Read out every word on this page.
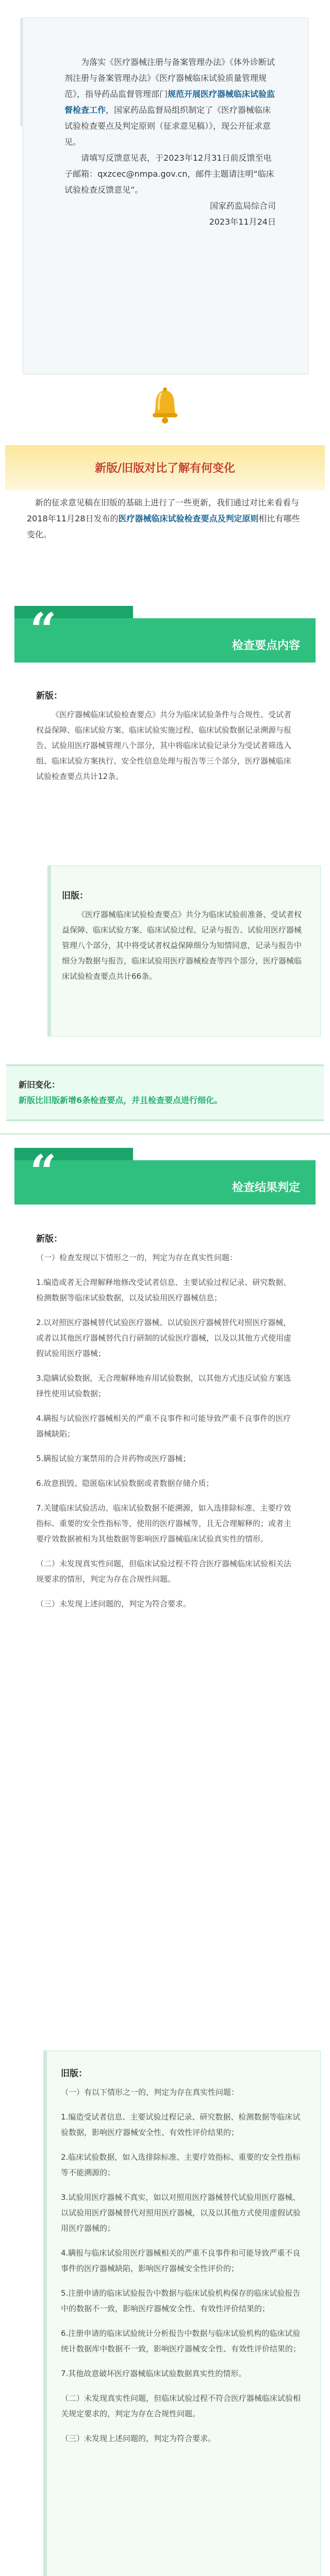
为落实《医疗器械注册与备案管理办法》《体外诊断试剂注册与备案管理办法》《医疗器械临床试验质量管理规范》，指导药品监督管理部门规范开展医疗器械临床试验监督检查工作，国家药品监督局组织制定了《医疗器械临床试验检查要点及判定原则（征求意见稿）》，现公开征求意见。

请填写反馈意见表，于2023年12月31日前反馈至电子邮箱：qxzcec@nmpa.gov.cn，邮件主题请注明“临床试验检查反馈意见”。

国家药监局综合司

2023年11月24日

新版/旧版对比了解有何变化

新的征求意见稿在旧版的基础上进行了一些更新，我们通过对比来看看与2018年11月28日发布的医疗器械临床试验检查要点及判定原则相比有哪些变化。

“	检查要点内容

新版：

《医疗器械临床试验检查要点》共分为临床试验条件与合规性、受试者权益保障、临床试验方案、临床试验实施过程、临床试验数据记录溯源与报告、试验用医疗器械管理八个部分，其中将临床试验记录分为受试者筛选入组、临床试验方案执行、安全性信息处理与报告等三个部分，医疗器械临床试验检查要点共计12条。

旧版：

《医疗器械临床试验检查要点》共分为临床试验前准备、受试者权益保障、临床试验方案、临床试验过程、记录与报告、试验用医疗器械管理八个部分，其中将受试者权益保障细分为知情同意，记录与报告中细分为数据与报告，临床试验用医疗器械检查等四个部分，医疗器械临床试验检查要点共计66条。

新旧变化：
新版比旧版新增6条检查要点，并且检查要点进行细化。
“	检查结果判定

新版：

（一）检查发现以下情形之一的，判定为存在真实性问题：

1.编造或者无合理解释地修改受试者信息、主要试验过程记录、研究数据、检测数据等临床试验数据，以及试验用医疗器械信息；

2.以对照医疗器械替代试验医疗器械、以试验医疗器械替代对照医疗器械，或者以其他医疗器械替代自行研制的试验医疗器械，以及以其他方式使用虚假试验用医疗器械；

3.隐瞒试验数据，无合理解释地弃用试验数据，以其他方式违反试验方案选择性使用试验数据；

4.瞒报与试验医疗器械相关的严重不良事件和可能导致严重不良事件的医疗器械缺陷；

5.瞒报试验方案禁用的合并药物或医疗器械；

6.故意损毁、隐匿临床试验数据或者数据存储介质；

7.关键临床试验活动、临床试验数据不能溯源，如入选排除标准、主要疗效指标、重要的安全性指标等，使用的医疗器械等，且无合理解释的；或者主要疗效数据被相为其他数据等影响医疗器械临床试验真实性的情形。

（二）未发现真实性问题，但临床试验过程不符合医疗器械临床试验相关法规要求的情形，判定为存在合规性问题。

（三）未发现上述问题的，判定为符合要求。

旧版：

（一）有以下情形之一的，判定为存在真实性问题：

1.编造受试者信息、主要试验过程记录、研究数据、检测数据等临床试验数据，影响医疗器械安全性、有效性评价结果的；

2.临床试验数据，如入选排除标准、主要疗效指标、重要的安全性指标等不能溯源的；

3.试验用医疗器械不真实，如以对照用医疗器械替代试验用医疗器械、以试验用医疗器械替代对照用医疗器械，以及以其他方式使用虚假试验用医疗器械的；

4.瞒报与临床试验用医疗器械相关的严重不良事件和可能导致严重不良事件的医疗器械缺陷，影响医疗器械安全性评价的；

5.注册申请的临床试验报告中数据与临床试验机构保存的临床试验报告中的数据不一致，影响医疗器械安全性、有效性评价结果的；

6.注册申请的临床试验统计分析报告中数据与临床试验机构的临床试验统计数据库中数据不一致，影响医疗器械安全性、有效性评价结果的；

7.其他故意破坏医疗器械临床试验数据真实性的情形。

（二）未发现真实性问题，但临床试验过程不符合医疗器械临床试验相关规定要求的，判定为存在合规性问题。

（三）未发现上述问题的，判定为符合要求。
